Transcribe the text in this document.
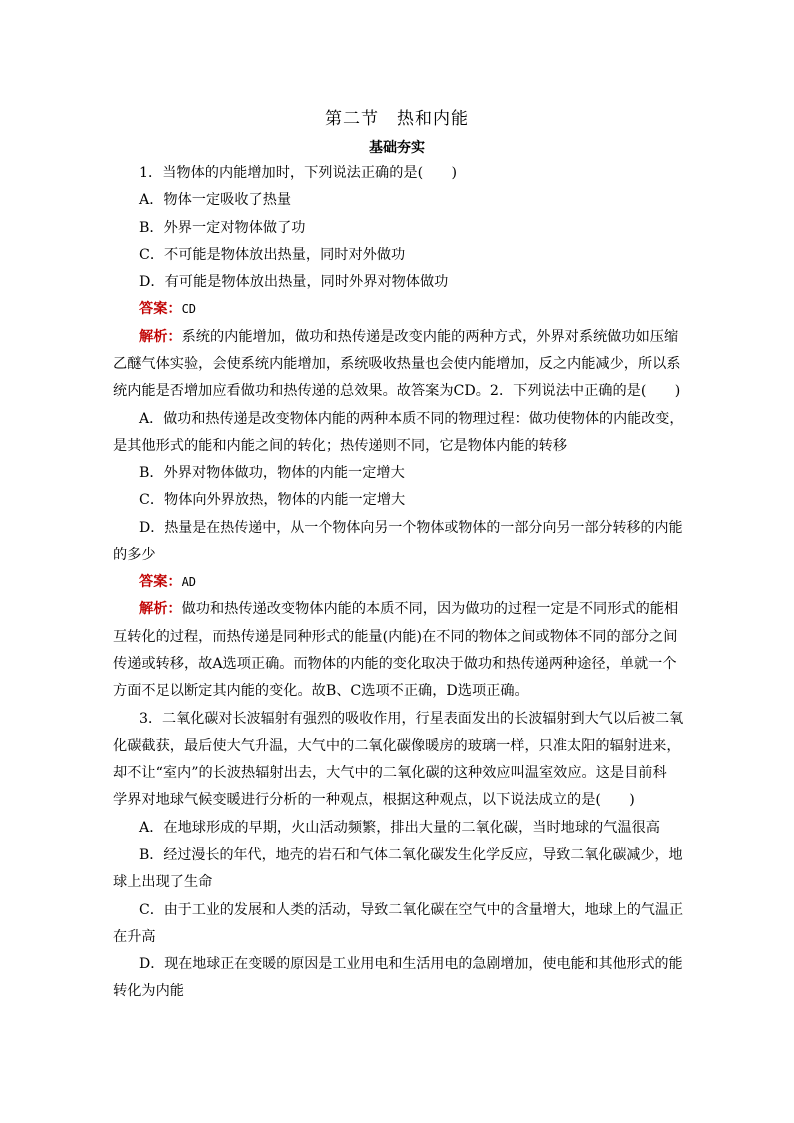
第二节　热和内能
基础夯实
1．当物体的内能增加时，下列说法正确的是(　　)
A．物体一定吸收了热量
B．外界一定对物体做了功
C．不可能是物体放出热量，同时对外做功
D．有可能是物体放出热量，同时外界对物体做功
答案：CD
解析：系统的内能增加，做功和热传递是改变内能的两种方式，外界对系统做功如压缩
乙醚气体实验，会使系统内能增加，系统吸收热量也会使内能增加，反之内能减少，所以系
统内能是否增加应看做功和热传递的总效果。故答案为CD。2．下列说法中正确的是(　　)
A．做功和热传递是改变物体内能的两种本质不同的物理过程：做功使物体的内能改变，
是其他形式的能和内能之间的转化；热传递则不同，它是物体内能的转移
B．外界对物体做功，物体的内能一定增大
C．物体向外界放热，物体的内能一定增大
D．热量是在热传递中，从一个物体向另一个物体或物体的一部分向另一部分转移的内能
的多少
答案：AD
解析：做功和热传递改变物体内能的本质不同，因为做功的过程一定是不同形式的能相
互转化的过程，而热传递是同种形式的能量(内能)在不同的物体之间或物体不同的部分之间
传递或转移，故A选项正确。而物体的内能的变化取决于做功和热传递两种途径，单就一个
方面不足以断定其内能的变化。故B、C选项不正确，D选项正确。
3．二氧化碳对长波辐射有强烈的吸收作用，行星表面发出的长波辐射到大气以后被二氧
化碳截获，最后使大气升温，大气中的二氧化碳像暖房的玻璃一样，只准太阳的辐射进来，
却不让“室内”的长波热辐射出去，大气中的二氧化碳的这种效应叫温室效应。这是目前科
学界对地球气候变暖进行分析的一种观点，根据这种观点，以下说法成立的是(　　)
A．在地球形成的早期，火山活动频繁，排出大量的二氧化碳，当时地球的气温很高
B．经过漫长的年代，地壳的岩石和气体二氧化碳发生化学反应，导致二氧化碳减少，地
球上出现了生命
C．由于工业的发展和人类的活动，导致二氧化碳在空气中的含量增大，地球上的气温正
在升高
D．现在地球正在变暖的原因是工业用电和生活用电的急剧增加，使电能和其他形式的能
转化为内能
